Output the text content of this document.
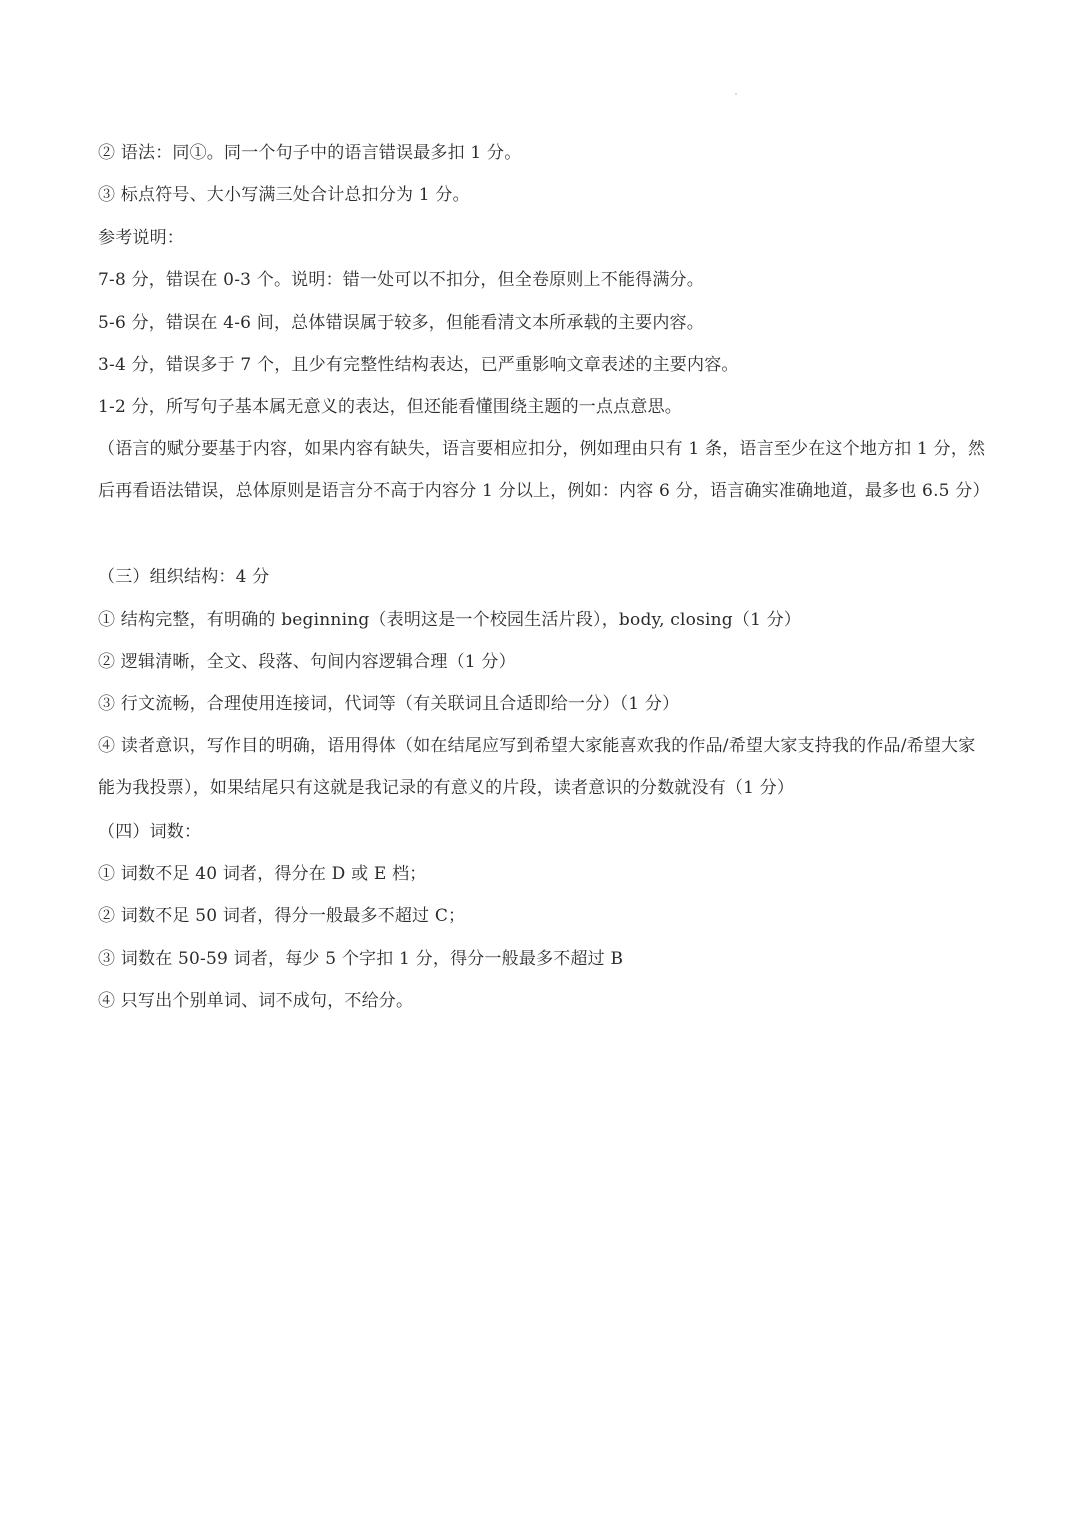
② 语法：同①。同一个句子中的语言错误最多扣 1 分。
③ 标点符号、大小写满三处合计总扣分为 1 分。
参考说明：
7-8 分，错误在 0-3 个。说明：错一处可以不扣分，但全卷原则上不能得满分。
5-6 分，错误在 4-6 间，总体错误属于较多，但能看清文本所承载的主要内容。
3-4 分，错误多于 7 个，且少有完整性结构表达，已严重影响文章表述的主要内容。
1-2 分，所写句子基本属无意义的表达，但还能看懂围绕主题的一点点意思。
（语言的赋分要基于内容，如果内容有缺失，语言要相应扣分，例如理由只有 1 条，语言至少在这个地方扣 1 分，然后再看语法错误，总体原则是语言分不高于内容分 1 分以上，例如：内容 6 分，语言确实准确地道，最多也 6.5 分）
（三）组织结构：4 分
① 结构完整，有明确的 beginning（表明这是一个校园生活片段），body, closing（1 分）
② 逻辑清晰，全文、段落、句间内容逻辑合理（1 分）
③ 行文流畅，合理使用连接词，代词等（有关联词且合适即给一分）（1 分）
④ 读者意识，写作目的明确，语用得体（如在结尾应写到希望大家能喜欢我的作品/希望大家支持我的作品/希望大家能为我投票），如果结尾只有这就是我记录的有意义的片段，读者意识的分数就没有（1 分）
（四）词数：
① 词数不足 40 词者，得分在 D 或 E 档；
② 词数不足 50 词者，得分一般最多不超过 C；
③ 词数在 50-59 词者，每少 5 个字扣 1 分，得分一般最多不超过 B
④ 只写出个别单词、词不成句，不给分。
